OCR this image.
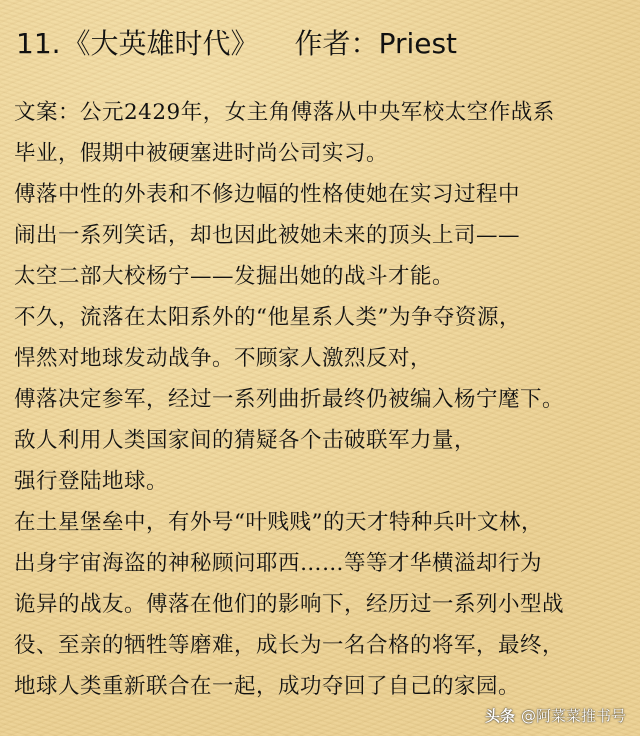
11.《大英雄时代》 作者：Priest
文案：公元2429年，女主角傅落从中央军校太空作战系
毕业，假期中被硬塞进时尚公司实习。
傅落中性的外表和不修边幅的性格使她在实习过程中
闹出一系列笑话，却也因此被她未来的顶头上司——
太空二部大校杨宁——发掘出她的战斗才能。
不久，流落在太阳系外的“他星系人类”为争夺资源，
悍然对地球发动战争。不顾家人激烈反对，
傅落决定参军，经过一系列曲折最终仍被编入杨宁麾下。
敌人利用人类国家间的猜疑各个击破联军力量，
强行登陆地球。
在土星堡垒中，有外号“叶贱贱”的天才特种兵叶文林，
出身宇宙海盗的神秘顾问耶西……等等才华横溢却行为
诡异的战友。傅落在他们的影响下，经历过一系列小型战
役、至亲的牺牲等磨难，成长为一名合格的将军，最终，
地球人类重新联合在一起，成功夺回了自己的家园。
头条 @阿菜菜推书号
